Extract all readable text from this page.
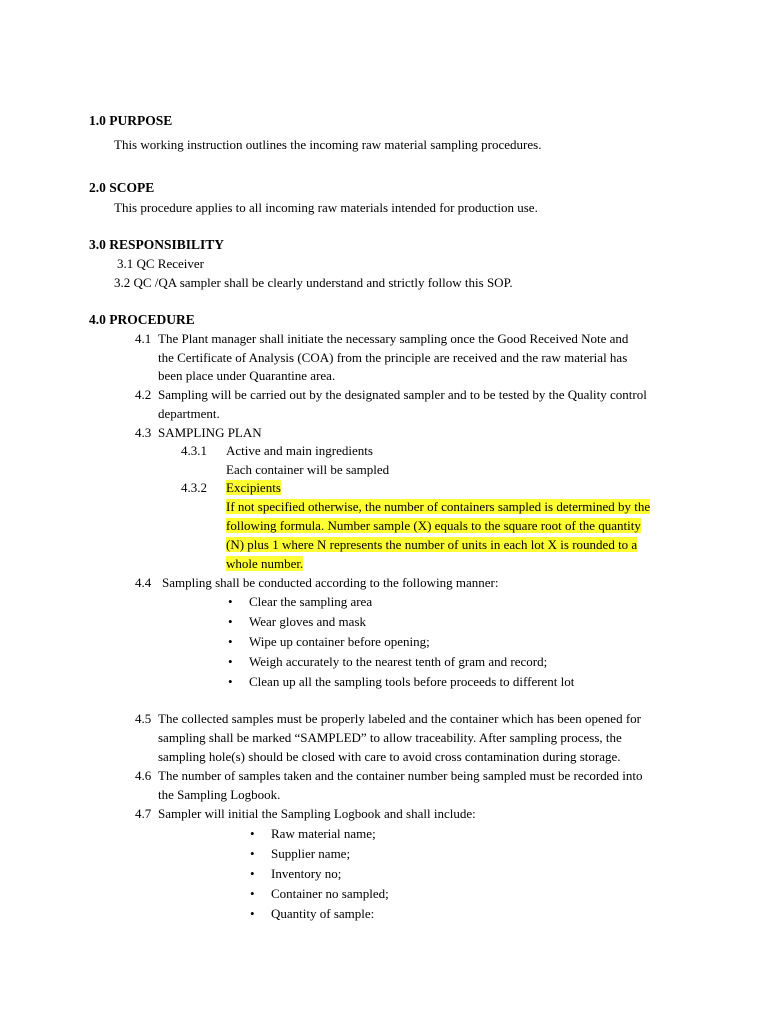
1.0 PURPOSE
This working instruction outlines the incoming raw material sampling procedures.
2.0 SCOPE
This procedure applies to all incoming raw materials intended for production use.
3.0 RESPONSIBILITY
3.1 QC Receiver
3.2 QC /QA sampler shall be clearly understand and strictly follow this SOP.
4.0 PROCEDURE
4.1 The Plant manager shall initiate the necessary sampling once the Good Received Note and
the Certificate of Analysis (COA) from the principle are received and the raw material has
been place under Quarantine area.
4.2 Sampling will be carried out by the designated sampler and to be tested by the Quality control
department.
4.3 SAMPLING PLAN
4.3.1 Active and main ingredients
Each container will be sampled
4.3.2 Excipients
If not specified otherwise, the number of containers sampled is determined by the
following formula. Number sample (X) equals to the square root of the quantity
(N) plus 1 where N represents the number of units in each lot X is rounded to a
whole number.
4.4 Sampling shall be conducted according to the following manner:
• Clear the sampling area
• Wear gloves and mask
• Wipe up container before opening;
• Weigh accurately to the nearest tenth of gram and record;
• Clean up all the sampling tools before proceeds to different lot
4.5 The collected samples must be properly labeled and the container which has been opened for
sampling shall be marked “SAMPLED” to allow traceability. After sampling process, the
sampling hole(s) should be closed with care to avoid cross contamination during storage.
4.6 The number of samples taken and the container number being sampled must be recorded into
the Sampling Logbook.
4.7 Sampler will initial the Sampling Logbook and shall include:
• Raw material name;
• Supplier name;
• Inventory no;
• Container no sampled;
• Quantity of sample:
